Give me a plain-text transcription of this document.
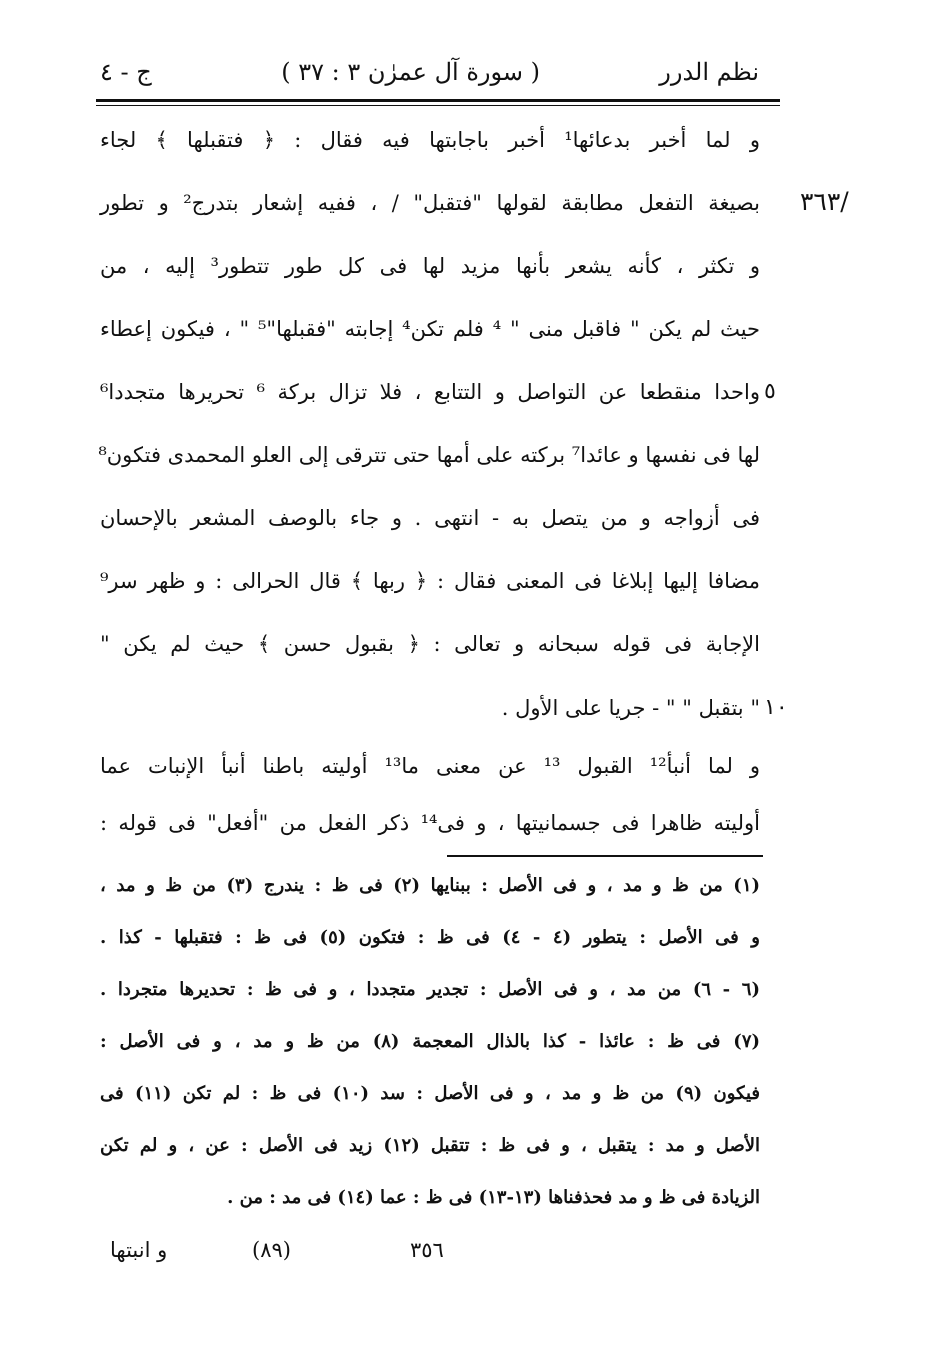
نظم الدرر
( سورة آل عمرٰن ٣ : ٣٧ )
ج - ٤
/٣٦٣
٥
١٠
و لما أخبر بدعائها¹ أخبر باجابتها فيه فقال : ﴿ فتقبلها ﴾ لجاء
بصيغة التفعل مطابقة لقولها "فتقبل" / ، ففيه إشعار بتدرج² و تطور
و تكثر ، كأنه يشعر بأنها مزيد لها فى كل طور تتطور³ إليه ، من
حيث لم يكن " فاقبل منى " ⁴ فلم تكن⁴ إجابته "فقبلها"⁵ " ، فيكون إعطاء
واحدا منقطعا عن التواصل و التتابع ، فلا تزال بركة ⁶ تحريرها متجددا⁶
لها فى نفسها و عائدا⁷ بركته على أمها حتى تترقى إلى العلو المحمدى فتكون⁸
فى أزواجه و من يتصل به - انتهى . و جاء بالوصف المشعر بالإحسان
مضافا إليها إبلاغا فى المعنى فقال : ﴿ ربها ﴾ قال الحرالى : و ظهر سر⁹
الإجابة فى قوله سبحانه و تعالى : ﴿ بقبول حسن ﴾ حيث لم يكن "
" بتقبل " " - جريا على الأول .
و لما أنبأ¹² القبول ¹³ عن معنى ما¹³ أوليته باطنا أنبأ الإنبات عما
أوليته ظاهرا فى جسمانيتها ، و فى¹⁴ ذكر الفعل من "أفعل" فى قوله :
(١) من ظ و مد ، و فى الأصل : ببنايها (٢) فى ظ : يندرج (٣) من ظ و مد ،
و فى الأصل : يتطور (٤ - ٤) فى ظ : فتكون (٥) فى ظ : فتقبلها - كذا .
(٦ - ٦) من مد ، و فى الأصل : تجدير متجددا ، و فى ظ : تحديرها متجردا .
(٧) فى ظ : عائذا - كذا بالذال المعجمة (٨) من ظ و مد ، و فى الأصل :
فيكون (٩) من ظ و مد ، و فى الأصل : سد (١٠) فى ظ : لم تكن (١١) فى
الأصل و مد : يتقبل ، و فى ظ : تتقبل (١٢) زيد فى الأصل : عن ، و لم تكن
الزيادة فى ظ و مد فحذفناها (١٣-١٣) فى ظ : عما (١٤) فى مد : من .
٣٥٦
(٨٩)
و انبتها
